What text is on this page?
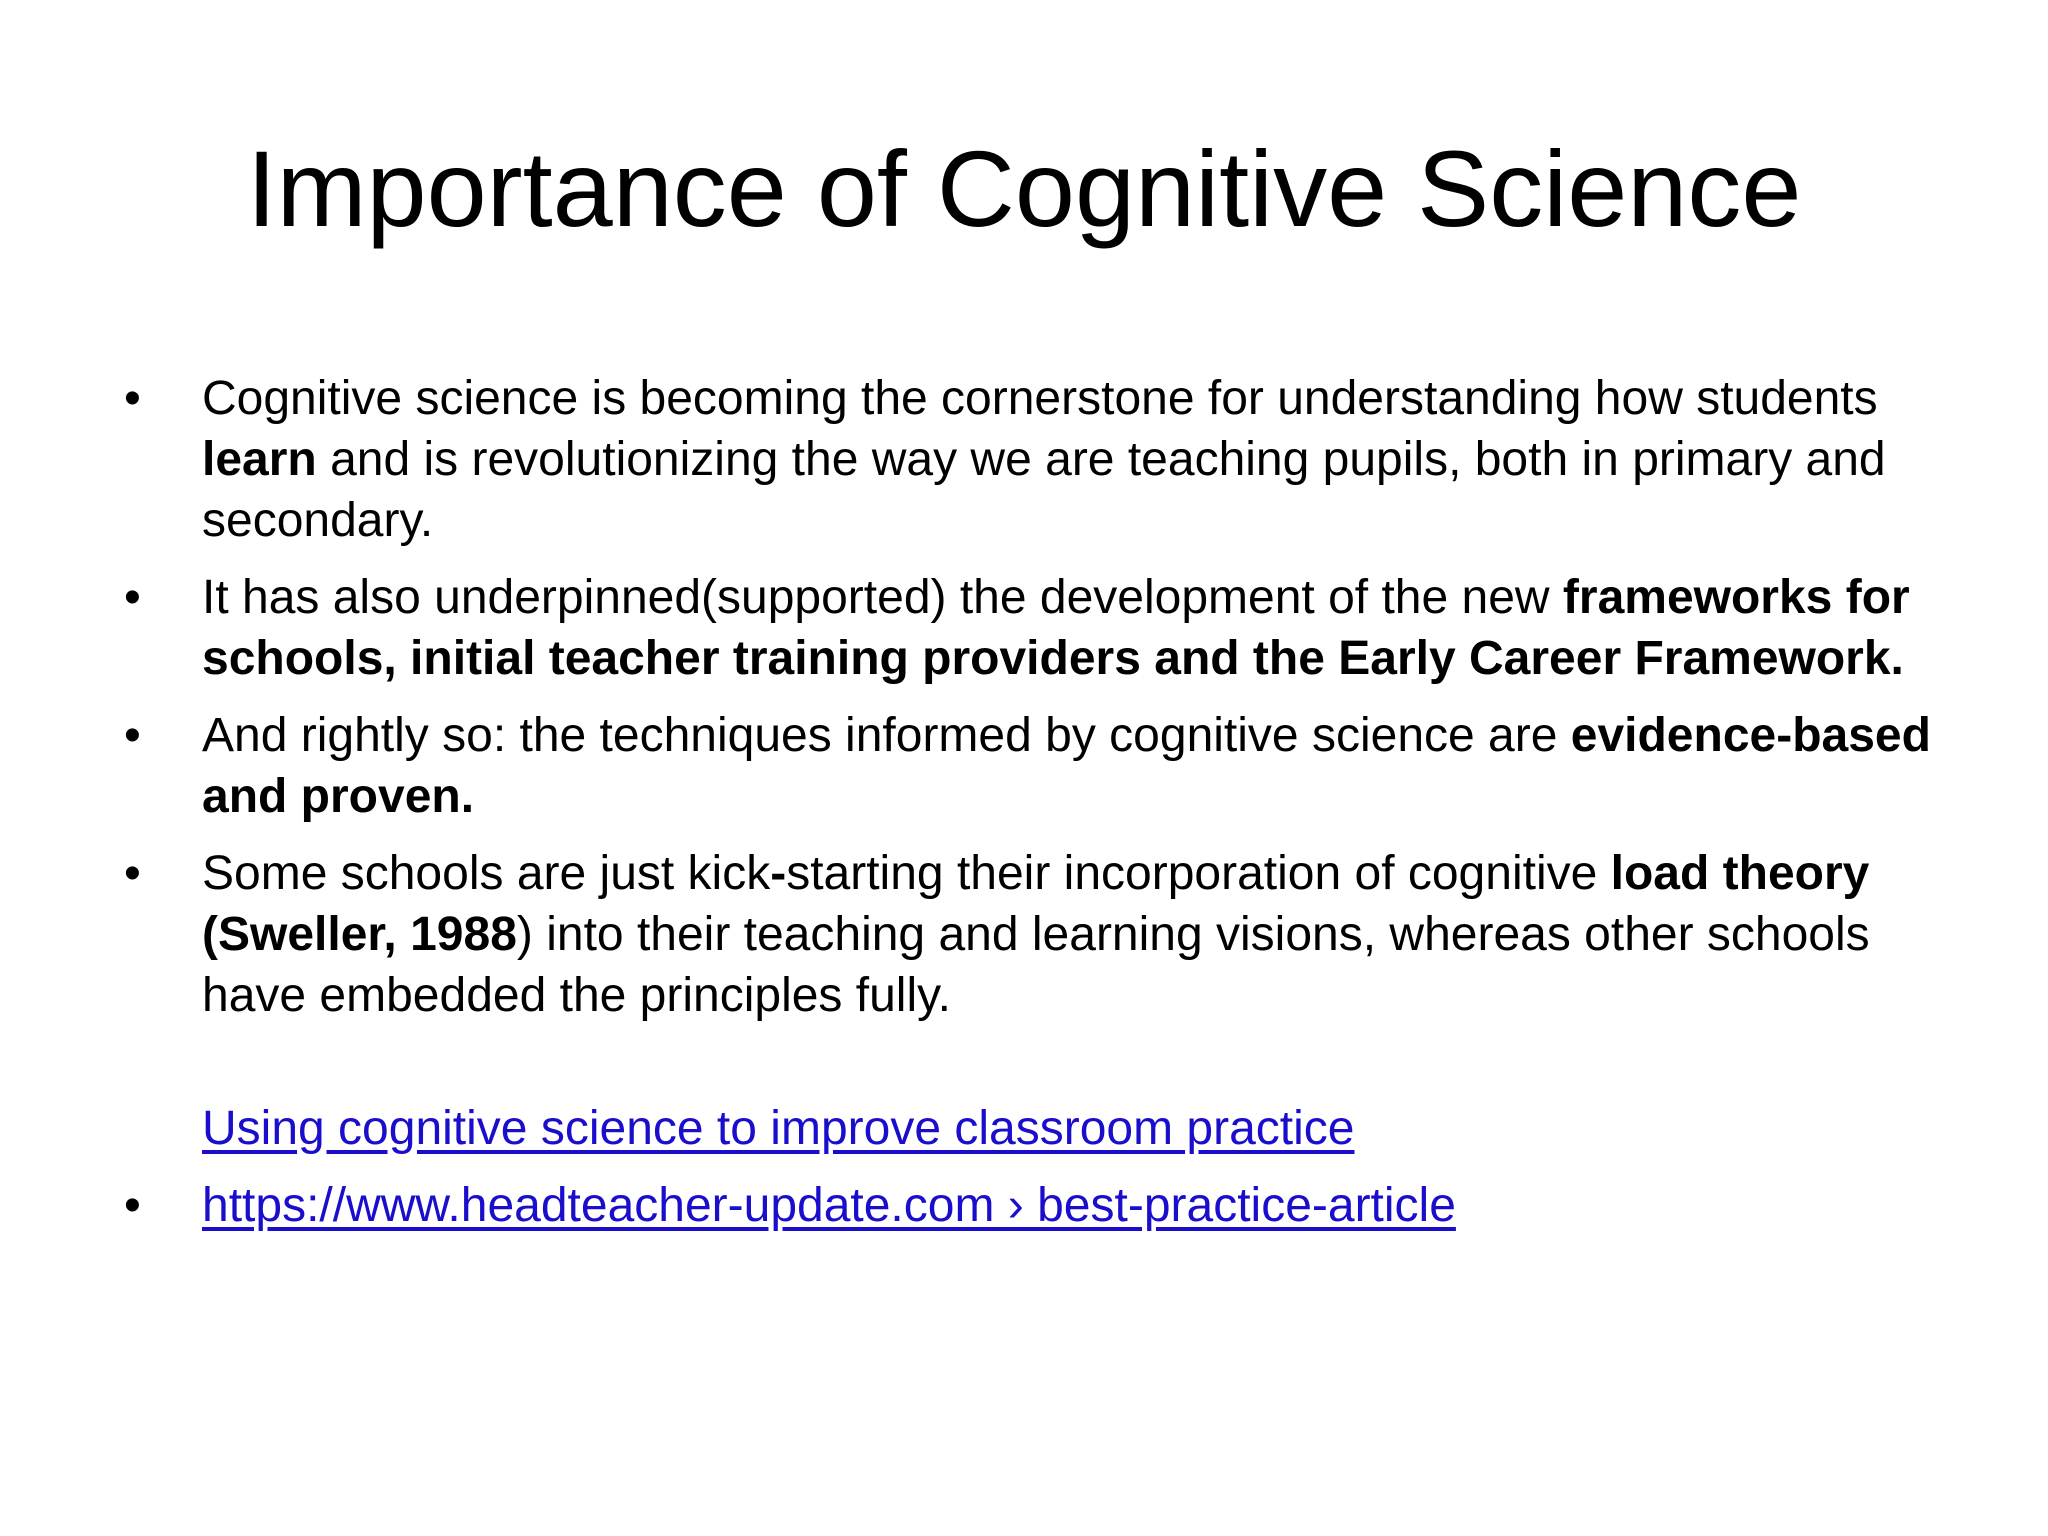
Importance of Cognitive Science
•	Cognitive science is becoming the cornerstone for understanding how students learn and is revolutionizing the way we are teaching pupils, both in primary and secondary.
•	It has also underpinned(supported) the development of the new frameworks for schools, initial teacher training providers and the Early Career Framework.
•	And rightly so: the techniques informed by cognitive science are evidence-based and proven.
•	Some schools are just kick-starting their incorporation of cognitive load theory (Sweller, 1988) into their teaching and learning visions, whereas other schools have embedded the principles fully.
Using cognitive science to improve classroom practice
•	https://www.headteacher-update.com › best-practice-article
